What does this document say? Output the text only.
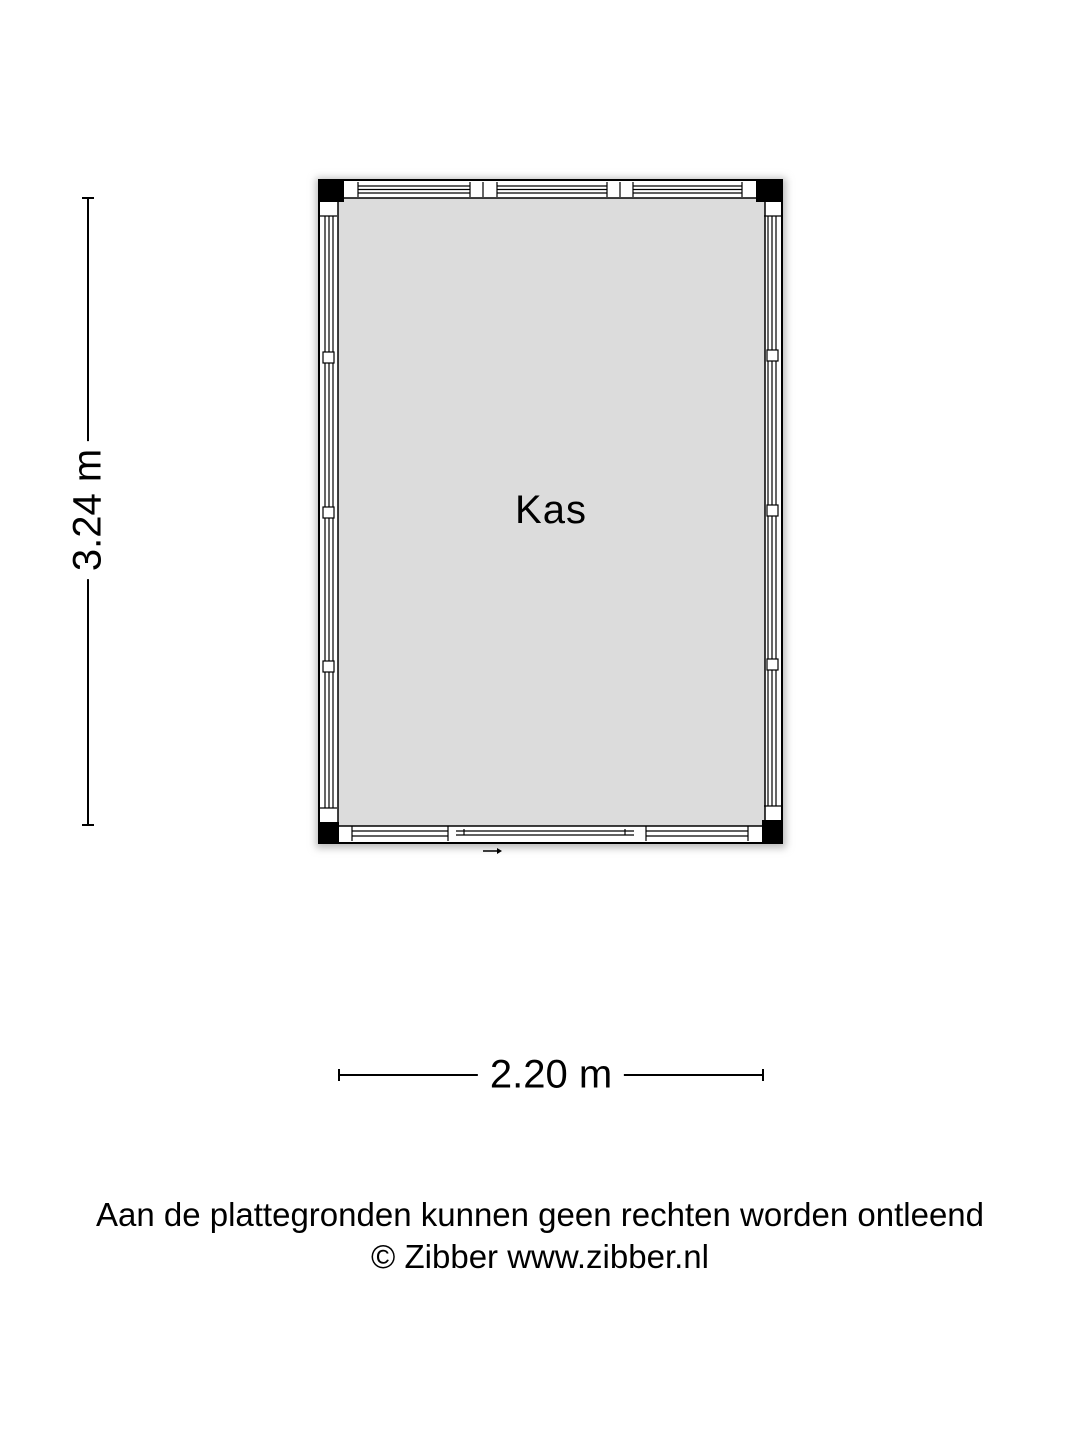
Kas
3.24 m
2.20 m
Aan de plattegronden kunnen geen rechten worden ontleend
© Zibber www.zibber.nl
